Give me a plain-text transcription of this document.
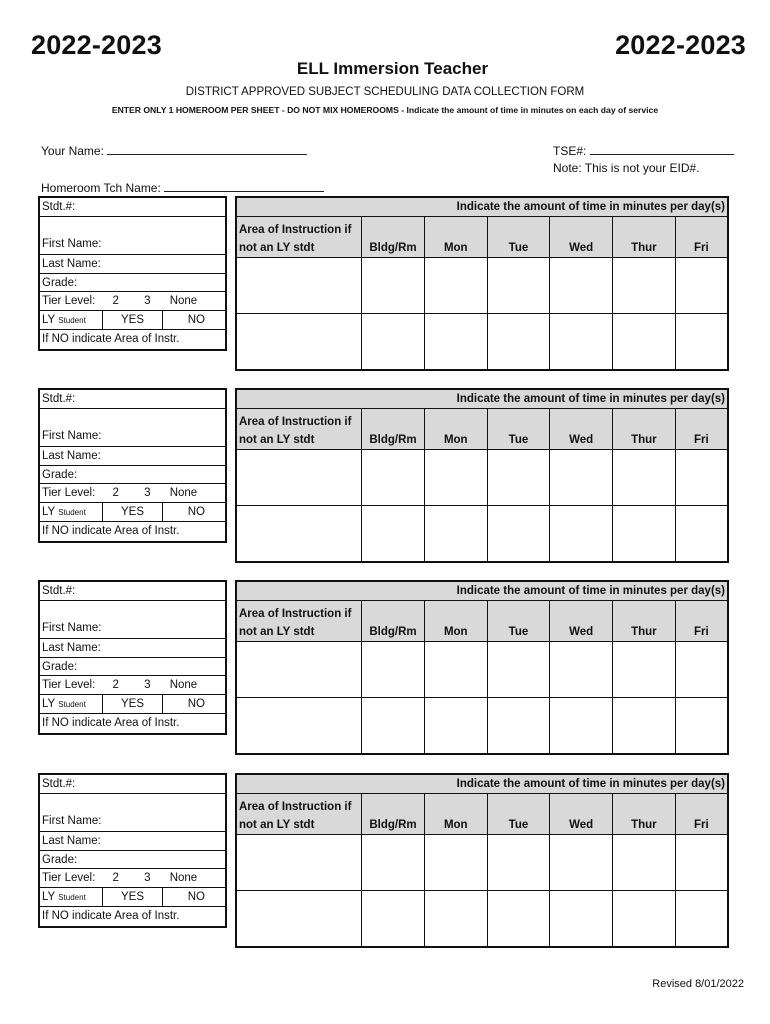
2022-2023	2022-2023
ELL Immersion Teacher
DISTRICT APPROVED SUBJECT SCHEDULING DATA COLLECTION FORM
ENTER ONLY 1 HOMEROOM PER SHEET - DO NOT MIX HOMEROOMS - Indicate the amount of time in minutes on each day of service
Your Name:	TSE#:
Note: This is not your EID#.
Homeroom Tch Name:
Stdt.#:
First Name:
Last Name:
Grade:
Tier Level: 2 3 None
LY Student	YES	NO
If NO indicate Area of Instr.
Indicate the amount of time in minutes per day(s)						
Area of Instruction if
not an LY stdt	Bldg/Rm	Mon	Tue	Wed	Thur	Fri

Stdt.#:
First Name:
Last Name:
Grade:
Tier Level: 2 3 None
LY Student	YES	NO
If NO indicate Area of Instr.
Indicate the amount of time in minutes per day(s)						
Area of Instruction if
not an LY stdt	Bldg/Rm	Mon	Tue	Wed	Thur	Fri

Stdt.#:
First Name:
Last Name:
Grade:
Tier Level: 2 3 None
LY Student	YES	NO
If NO indicate Area of Instr.
Indicate the amount of time in minutes per day(s)						
Area of Instruction if
not an LY stdt	Bldg/Rm	Mon	Tue	Wed	Thur	Fri

Stdt.#:
First Name:
Last Name:
Grade:
Tier Level: 2 3 None
LY Student	YES	NO
If NO indicate Area of Instr.
Indicate the amount of time in minutes per day(s)						
Area of Instruction if
not an LY stdt	Bldg/Rm	Mon	Tue	Wed	Thur	Fri

Revised 8/01/2022
